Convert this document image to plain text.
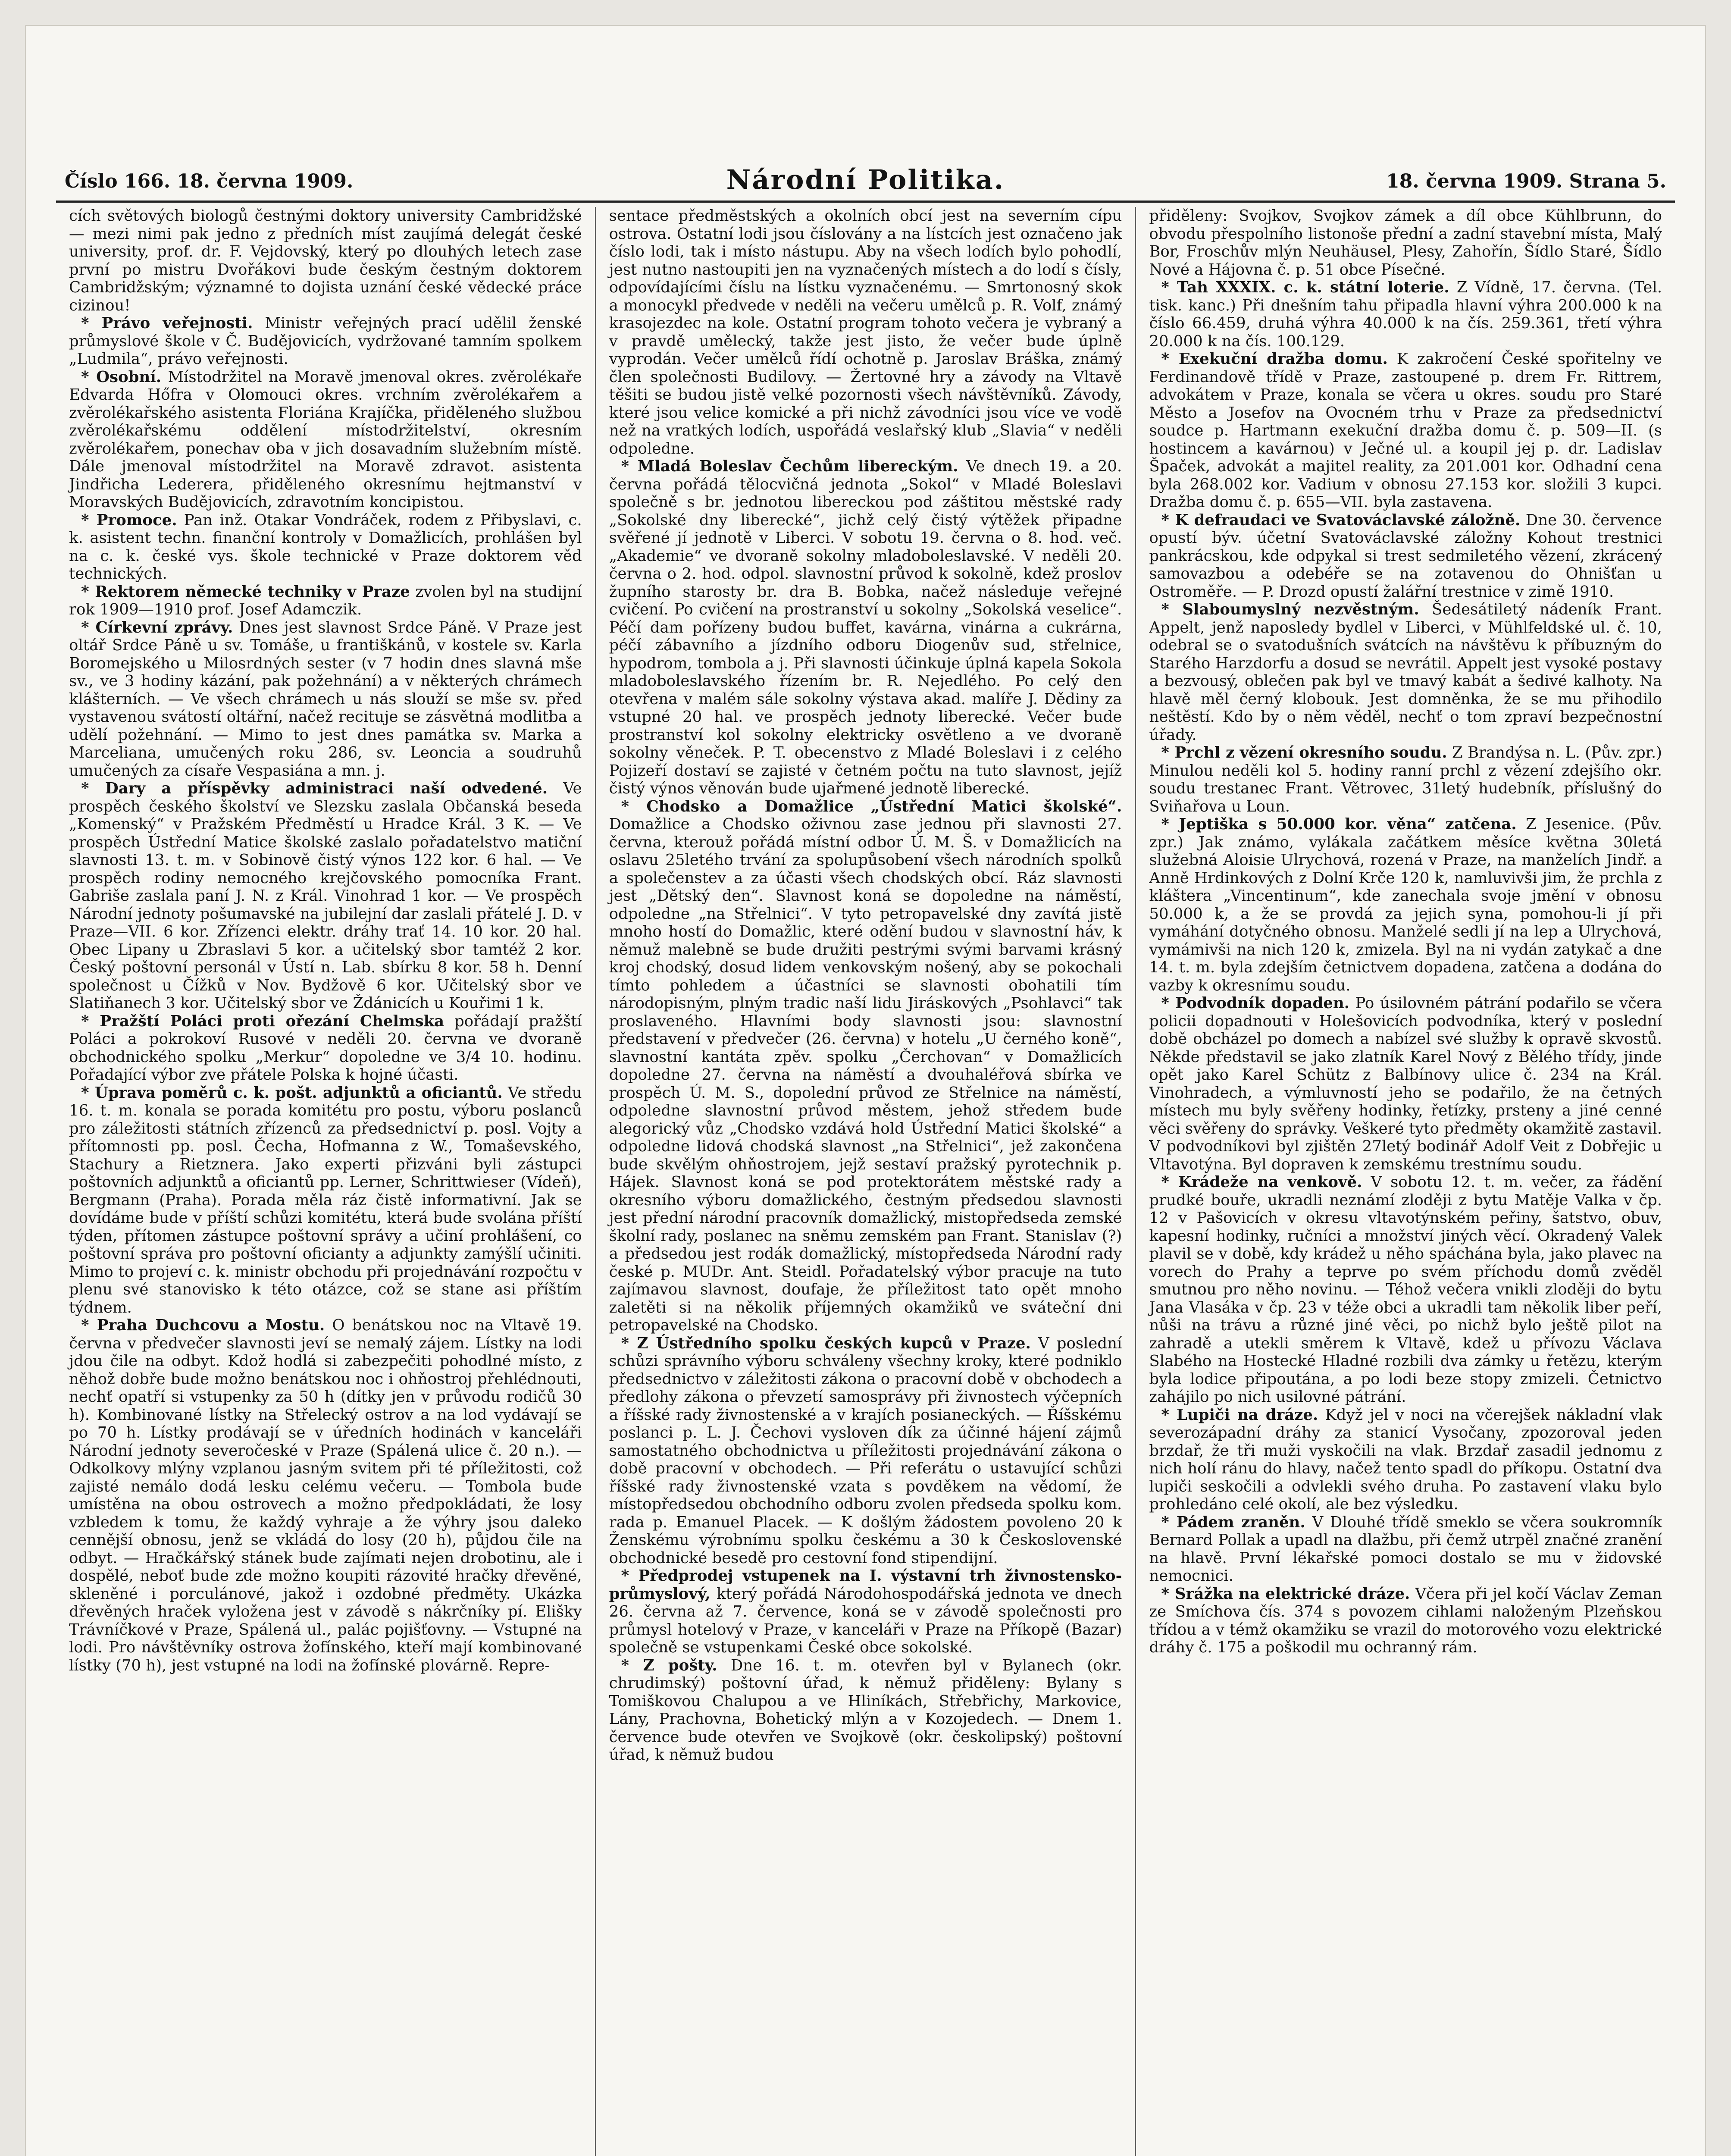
Číslo 166. 18. června 1909.	Národní Politika.	18. června 1909. Strana 5.

cích světových biologů čestnými doktory university Cambridžské — mezi nimi pak jedno z předních míst zaujímá delegát české university, prof. dr. F. Vejdovský, který po dlouhých letech zase první po mistru Dvořákovi bude českým čestným doktorem Cambridžským; významné to dojista uznání české vědecké práce cizinou!

* Právo veřejnosti. Ministr veřejných prací udělil ženské průmyslové škole v Č. Budějovicích, vydržované tamním spolkem „Ludmila“, právo veřejnosti.

* Osobní. Místodržitel na Moravě jmenoval okres. zvěrolékaře Edvarda Hőfra v Olomouci okres. vrchním zvěrolékařem a zvěrolékařského asistenta Floriána Krajíčka, přiděleného službou zvěrolékařskému oddělení místodržitelství, okresním zvěrolékařem, ponechav oba v jich dosavadním služebním místě. Dále jmenoval místodržitel na Moravě zdravot. asistenta Jindřicha Lederera, přiděleného okresnímu hejtmanství v Moravských Budějovicích, zdravotním koncipistou.

* Promoce. Pan inž. Otakar Vondráček, rodem z Přibyslavi, c. k. asistent techn. finanční kontroly v Domažlicích, prohlášen byl na c. k. české vys. škole technické v Praze doktorem věd technických.

* Rektorem německé techniky v Praze zvolen byl na studijní rok 1909—1910 prof. Josef Adamczik.

* Církevní zprávy. Dnes jest slavnost Srdce Páně. V Praze jest oltář Srdce Páně u sv. Tomáše, u františkánů, v kostele sv. Karla Boromejského u Milosrdných sester (v 7 hodin dnes slavná mše sv., ve 3 hodiny kázání, pak požehnání) a v některých chrámech klášterních. — Ve všech chrámech u nás slouží se mše sv. před vystavenou svátostí oltářní, načež recituje se zásvětná modlitba a udělí požehnání. — Mimo to jest dnes památka sv. Marka a Marceliana, umučených roku 286, sv. Leoncia a soudruhů umučených za císaře Vespasiána a mn. j.

* Dary a příspěvky administraci naší odvedené. Ve prospěch českého školství ve Slezsku zaslala Občanská beseda „Komenský“ v Pražském Předměstí u Hradce Král. 3 K. — Ve prospěch Ústřední Matice školské zaslalo pořadatelstvo matiční slavnosti 13. t. m. v Sobinově čistý výnos 122 kor. 6 hal. — Ve prospěch rodiny nemocného krejčovského pomocníka Frant. Gabriše zaslala paní J. N. z Král. Vinohrad 1 kor. — Ve prospěch Národní jednoty pošumavské na jubilejní dar zaslali přátelé J. D. v Praze—VII. 6 kor. Zřízenci elektr. dráhy trať 14. 10 kor. 20 hal. Obec Lipany u Zbraslavi 5 kor. a učitelský sbor tamtéž 2 kor. Český poštovní personál v Ústí n. Lab. sbírku 8 kor. 58 h. Denní společnost u Čížků v Nov. Bydžově 6 kor. Učitelský sbor ve Slatiňanech 3 kor. Učitelský sbor ve Ždánicích u Kouřimi 1 k.

* Pražští Poláci proti ořezání Chelmska pořádají pražští Poláci a pokrokoví Rusové v neděli 20. června ve dvoraně obchodnického spolku „Merkur“ dopoledne ve 3/4 10. hodinu. Pořadající výbor zve přátele Polska k hojné účasti.

* Úprava poměrů c. k. pošt. adjunktů a oficiantů. Ve středu 16. t. m. konala se porada komitétu pro postu, výboru poslanců pro záležitosti státních zřízenců za předsednictví p. posl. Vojty a přítomnosti pp. posl. Čecha, Hofmanna z W., Tomaševského, Stachury a Rietznera. Jako experti přizváni byli zástupci poštovních adjunktů a oficiantů pp. Lerner, Schrittwieser (Vídeň), Bergmann (Praha). Porada měla ráz čistě informativní. Jak se dovídáme bude v příští schůzi komitétu, která bude svolána příští týden, přítomen zástupce poštovní správy a učiní prohlášení, co poštovní správa pro poštovní oficianty a adjunkty zamýšlí učiniti. Mimo to projeví c. k. ministr obchodu při projednávání rozpočtu v plenu své stanovisko k této otázce, což se stane asi příštím týdnem.

* Praha Duchcovu a Mostu. O benátskou noc na Vltavě 19. června v předvečer slavnosti jeví se nemalý zájem. Lístky na lodi jdou čile na odbyt. Kdož hodlá si zabezpečiti pohodlné místo, z něhož dobře bude možno benátskou noc i ohňostroj přehlédnouti, nechť opatří si vstupenky za 50 h (dítky jen v průvodu rodičů 30 h). Kombinované lístky na Střelecký ostrov a na lod vydávají se po 70 h. Lístky prodávají se v úředních hodinách v kanceláři Národní jednoty severočeské v Praze (Spálená ulice č. 20 n.). — Odkolkovy mlýny vzplanou jasným svitem při té příležitosti, což zajisté nemálo dodá lesku celému večeru. — Tombola bude umístěna na obou ostrovech a možno předpokládati, že losy vzbledem k tomu, že každý vyhraje a že výhry jsou daleko cennější obnosu, jenž se vkládá do losy (20 h), půjdou čile na odbyt. — Hračkářský stánek bude zajímati nejen drobotinu, ale i dospělé, neboť bude zde možno koupiti rázovité hračky dřevěné, skleněné i porculánové, jakož i ozdobné předměty. Ukázka dřevěných hraček vyložena jest v závodě s nákrčníky pí. Elišky Trávníčkové v Praze, Spálená ul., palác pojišťovny. — Vstupné na lodi. Pro návštěvníky ostrova žofínského, kteří mají kombinované lístky (70 h), jest vstupné na lodi na žofínské plovárně. Repre-

sentace předměstských a okolních obcí jest na severním cípu ostrova. Ostatní lodi jsou číslovány a na lístcích jest označeno jak číslo lodi, tak i místo nástupu. Aby na všech lodích bylo pohodlí, jest nutno nastoupiti jen na vyznačených místech a do lodí s čísly, odpovídajícími číslu na lístku vyznačenému. — Smrtonosný skok a monocykl předvede v neděli na večeru umělců p. R. Volf, známý krasojezdec na kole. Ostatní program tohoto večera je vybraný a v pravdě umělecký, takže jest jisto, že večer bude úplně vyprodán. Večer umělců řídí ochotně p. Jaroslav Bráška, známý člen společnosti Budilovy. — Žertovné hry a závody na Vltavě těšiti se budou jistě velké pozornosti všech návštěvníků. Závody, které jsou velice komické a při nichž závodníci jsou více ve vodě než na vratkých lodích, uspořádá veslařský klub „Slavia“ v neděli odpoledne.

* Mladá Boleslav Čechům libereckým. Ve dnech 19. a 20. června pořádá tělocvičná jednota „Sokol“ v Mladé Boleslavi společně s br. jednotou libereckou pod záštitou městské rady „Sokolské dny liberecké“, jichž celý čistý výtěžek připadne svěřené jí jednotě v Liberci. V sobotu 19. června o 8. hod. več. „Akademie“ ve dvoraně sokolny mladoboleslavské. V neděli 20. června o 2. hod. odpol. slavnostní průvod k sokolně, kdež proslov župního starosty br. dra B. Bobka, načež následuje veřejné cvičení. Po cvičení na prostranství u sokolny „Sokolská veselice“. Péčí dam pořízeny budou buffet, kavárna, vinárna a cukrárna, péčí zábavního a jízdního odboru Diogenův sud, střelnice, hypodrom, tombola a j. Při slavnosti účinkuje úplná kapela Sokola mladoboleslavského řízením br. R. Nejedlého. Po celý den otevřena v malém sále sokolny výstava akad. malíře J. Dědiny za vstupné 20 hal. ve prospěch jednoty liberecké. Večer bude prostranství kol sokolny elektricky osvětleno a ve dvoraně sokolny věneček. P. T. obecenstvo z Mladé Boleslavi i z celého Pojizeří dostaví se zajisté v četném počtu na tuto slavnost, jejíž čistý výnos věnován bude ujařmené jednotě liberecké.

* Chodsko a Domažlice „Ústřední Matici školské“. Domažlice a Chodsko oživnou zase jednou při slavnosti 27. června, kterouž pořádá místní odbor Ú. M. Š. v Domažlicích na oslavu 25letého trvání za spolupůsobení všech národních spolků a společenstev a za účasti všech chodských obcí. Ráz slavnosti jest „Dětský den“. Slavnost koná se dopoledne na náměstí, odpoledne „na Střelnici“. V tyto petropavelské dny zavítá jistě mnoho hostí do Domažlic, které odění budou v slavnostní háv, k němuž malebně se bude družiti pestrými svými barvami krásný kroj chodský, dosud lidem venkovským nošený, aby se pokochali tímto pohledem a účastníci se slavnosti obohatili tím národopisným, plným tradic naší lidu Jiráskových „Psohlavci“ tak proslaveného. Hlavními body slavnosti jsou: slavnostní představení v předvečer (26. června) v hotelu „U černého koně“, slavnostní kantáta zpěv. spolku „Čerchovan“ v Domažlicích dopoledne 27. června na náměstí a dvouhaléřová sbírka ve prospěch Ú. M. S., dopolední průvod ze Střelnice na náměstí, odpoledne slavnostní průvod městem, jehož středem bude alegorický vůz „Chodsko vzdává hold Ústřední Matici školské“ a odpoledne lidová chodská slavnost „na Střelnici“, jež zakončena bude skvělým ohňostrojem, jejž sestaví pražský pyrotechnik p. Hájek. Slavnost koná se pod protektorátem městské rady a okresního výboru domažlického, čestným předsedou slavnosti jest přední národní pracovník domažlický, mistopředseda zemské školní rady, poslanec na sněmu zemském pan Frant. Stanislav (?) a předsedou jest rodák domažlický, místopředseda Národní rady české p. MUDr. Ant. Steidl. Pořadatelský výbor pracuje na tuto zajímavou slavnost, doufaje, že příležitost tato opět mnoho zaletěti si na několik příjemných okamžiků ve sváteční dni petropavelské na Chodsko.

* Z Ústředního spolku českých kupců v Praze. V poslední schůzi správního výboru schváleny všechny kroky, které podniklo předsednictvo v záležitosti zákona o pracovní době v obchodech a předlohy zákona o převzetí samosprávy při živnostech výčepních a říšské rady živnostenské a v krajích posianeckých. — Říšskému poslanci p. L. J. Čechovi vysloven dík za účinné hájení zájmů samostatného obchodnictva u příležitosti projednávání zákona o době pracovní v obchodech. — Při referátu o ustavující schůzi říšské rady živnostenské vzata s povděkem na vědomí, že místopředsedou obchodního odboru zvolen předseda spolku kom. rada p. Emanuel Placek. — K došlým žádostem povoleno 20 k Ženskému výrobnímu spolku českému a 30 k Československé obchodnické besedě pro cestovní fond stipendijní.

* Předprodej vstupenek na I. výstavní trh živnostensko-průmyslový, který pořádá Národohospodářská jednota ve dnech 26. června až 7. července, koná se v závodě společnosti pro průmysl hotelový v Praze, v kanceláři v Praze na Příkopě (Bazar) společně se vstupenkami České obce sokolské.

* Z pošty. Dne 16. t. m. otevřen byl v Bylanech (okr. chrudimský) poštovní úřad, k němuž přiděleny: Bylany s Tomiškovou Chalupou a ve Hliníkách, Střebřichy, Markovice, Lány, Prachovna, Bohetický mlýn a v Kozojedech. — Dnem 1. července bude otevřen ve Svojkově (okr. českolipský) poštovní úřad, k němuž budou

přiděleny: Svojkov, Svojkov zámek a díl obce Kühlbrunn, do obvodu přespolního listonoše přední a zadní stavební místa, Malý Bor, Froschův mlýn Neuhäusel, Plesy, Zahořín, Šídlo Staré, Šídlo Nové a Hájovna č. p. 51 obce Písečné.

* Tah XXXIX. c. k. státní loterie. Z Vídně, 17. června. (Tel. tisk. kanc.) Při dnešním tahu připadla hlavní výhra 200.000 k na číslo 66.459, druhá výhra 40.000 k na čís. 259.361, třetí výhra 20.000 k na čís. 100.129.

* Exekuční dražba domu. K zakročení České spořitelny ve Ferdinandově třídě v Praze, zastoupené p. drem Fr. Rittrem, advokátem v Praze, konala se včera u okres. soudu pro Staré Město a Josefov na Ovocném trhu v Praze za předsednictví soudce p. Hartmann exekuční dražba domu č. p. 509—II. (s hostincem a kavárnou) v Ječné ul. a koupil jej p. dr. Ladislav Špaček, advokát a majitel reality, za 201.001 kor. Odhadní cena byla 268.002 kor. Vadium v obnosu 27.153 kor. složili 3 kupci. Dražba domu č. p. 655—VII. byla zastavena.

* K defraudaci ve Svatováclavské záložně. Dne 30. července opustí býv. účetní Svatováclavské záložny Kohout trestnici pankrácskou, kde odpykal si trest sedmiletého vězení, zkrácený samovazbou a odebéře se na zotavenou do Ohnišťan u Ostroměře. — P. Drozd opustí žalářní trestnice v zimě 1910.

* Slaboumyslný nezvěstným. Šedesátiletý nádeník Frant. Appelt, jenž naposledy bydlel v Liberci, v Mühlfeldské ul. č. 10, odebral se o svatodušních svátcích na návštěvu k příbuzným do Starého Harzdorfu a dosud se nevrátil. Appelt jest vysoké postavy a bezvousý, oblečen pak byl ve tmavý kabát a šedivé kalhoty. Na hlavě měl černý klobouk. Jest domněnka, že se mu přihodilo neštěstí. Kdo by o něm věděl, nechť o tom zpraví bezpečnostní úřady.

* Prchl z vězení okresního soudu. Z Brandýsa n. L. (Pův. zpr.) Minulou neděli kol 5. hodiny ranní prchl z vězení zdejšího okr. soudu trestanec Frant. Větrovec, 31letý hudebník, příslušný do Sviňařova u Loun.

* Jeptiška s 50.000 kor. věna“ zatčena. Z Jesenice. (Pův. zpr.) Jak známo, vylákala začátkem měsíce května 30letá služebná Aloisie Ulrychová, rozená v Praze, na manželích Jindř. a Anně Hrdinkových z Dolní Krče 120 k, namluvivši jim, že prchla z kláštera „Vincentinum“, kde zanechala svoje jmění v obnosu 50.000 k, a že se provdá za jejich syna, pomohou-li jí při vymáhání dotyčného obnosu. Manželé sedli jí na lep a Ulrychová, vymámivši na nich 120 k, zmizela. Byl na ni vydán zatykač a dne 14. t. m. byla zdejším četnictvem dopadena, zatčena a dodána do vazby k okresnímu soudu.

* Podvodník dopaden. Po úsilovném pátrání podařilo se včera policii dopadnouti v Holešovicích podvodníka, který v poslední době obcházel po domech a nabízel své služby k opravě skvostů. Někde představil se jako zlatník Karel Nový z Bělého třídy, jinde opět jako Karel Schütz z Balbínovy ulice č. 234 na Král. Vinohradech, a výmluvností jeho se podařilo, že na četných místech mu byly svěřeny hodinky, řetízky, prsteny a jiné cenné věci svěřeny do správky. Veškeré tyto předměty okamžitě zastavil. V podvodníkovi byl zjištěn 27letý bodinář Adolf Veit z Dobřejic u Vltavotýna. Byl dopraven k zemskému trestnímu soudu.

* Krádeže na venkově. V sobotu 12. t. m. večer, za řádění prudké bouře, ukradli neznámí zloději z bytu Matěje Valka v čp. 12 v Pašovicích v okresu vltavotýnském peřiny, šatstvo, obuv, kapesní hodinky, ručníci a množství jiných věcí. Okradený Valek plavil se v době, kdy krádež u něho spáchána byla, jako plavec na vorech do Prahy a teprve po svém příchodu domů zvěděl smutnou pro něho novinu. — Téhož večera vnikli zloději do bytu Jana Vlasáka v čp. 23 v téže obci a ukradli tam několik liber peří, nůši na trávu a různé jiné věci, po nichž bylo ještě pilot na zahradě a utekli směrem k Vltavě, kdež u přívozu Václava Slabého na Hostecké Hladné rozbili dva zámky u řetězu, kterým byla lodice připoutána, a po lodi beze stopy zmizeli. Četnictvo zahájilo po nich usilovné pátrání.

* Lupiči na dráze. Když jel v noci na včerejšek nákladní vlak severozápadní dráhy za stanicí Vysočany, zpozoroval jeden brzdař, že tři muži vyskočili na vlak. Brzdař zasadil jednomu z nich holí ránu do hlavy, načež tento spadl do příkopu. Ostatní dva lupiči seskočili a odvlekli svého druha. Po zastavení vlaku bylo prohledáno celé okolí, ale bez výsledku.

* Pádem zraněn. V Dlouhé třídě smeklo se včera soukromník Bernard Pollak a upadl na dlažbu, při čemž utrpěl značné zranění na hlavě. První lékařské pomoci dostalo se mu v židovské nemocnici.

* Srážka na elektrické dráze. Včera při jel kočí Václav Zeman ze Smíchova čís. 374 s povozem cihlami naloženým Plzeňskou třídou a v témž okamžiku se vrazil do motorového vozu elektrické dráhy č. 175 a poškodil mu ochranný rám.
